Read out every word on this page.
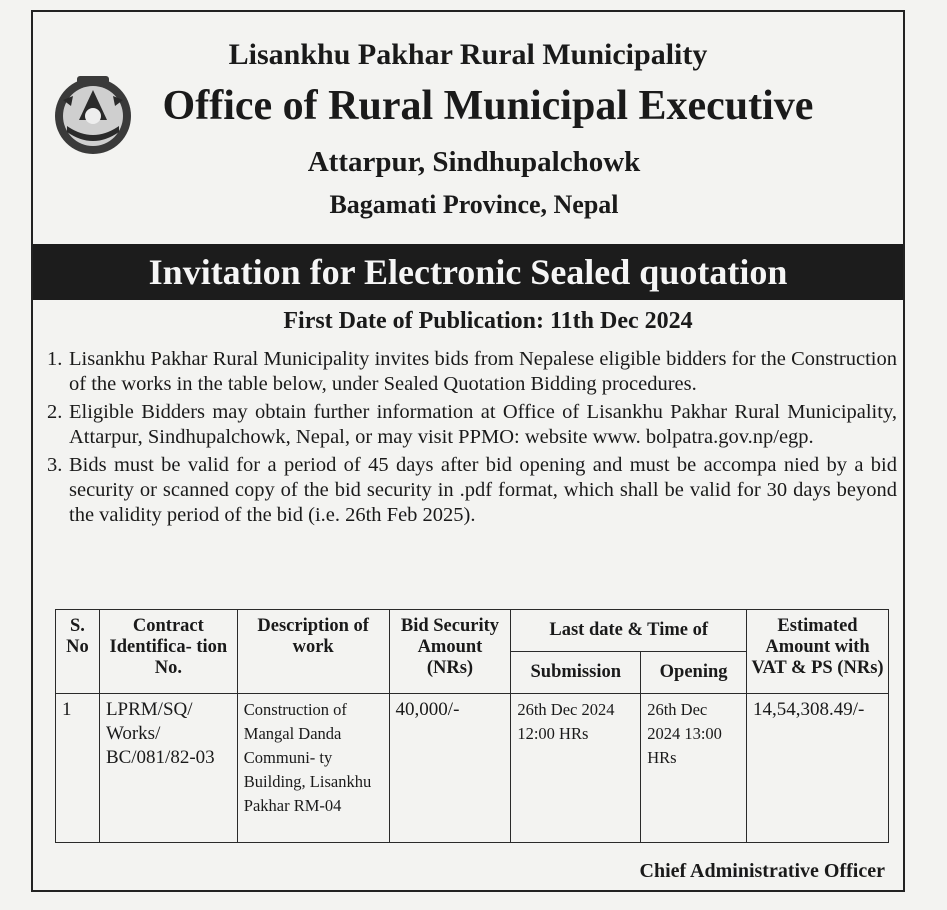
Lisankhu Pakhar Rural Municipality
Office of Rural Municipal Executive
Attarpur, Sindhupalchowk
Bagamati Province, Nepal
Invitation for Electronic Sealed quotation
First Date of Publication: 11th Dec 2024
1. Lisankhu Pakhar Rural Municipality invites bids from Nepalese eligible bidders for the Construction of the works in the table below, under Sealed Quotation Bidding procedures.
2. Eligible Bidders may obtain further information at Office of Lisankhu Pakhar Rural Municipality, Attarpur, Sindhupalchowk, Nepal, or may visit PPMO: website www. bolpatra.gov.np/egp.
3. Bids must be valid for a period of 45 days after bid opening and must be accompa nied by a bid security or scanned copy of the bid security in .pdf format, which shall be valid for 30 days beyond the validity period of the bid (i.e. 26th Feb 2025).
S. No	Contract Identifica- tion No.	Description of work	Bid Security Amount (NRs)	Last date & Time of		Estimated Amount with VAT & PS (NRs)
				Submission	Opening	
1	LPRM/SQ/ Works/ BC/081/82-03	Construction of Mangal Danda Communi- ty Building, Lisankhu Pakhar RM-04	40,000/-	26th Dec 2024 12:00 HRs	26th Dec 2024 13:00 HRs	14,54,308.49/-
Chief Administrative Officer
